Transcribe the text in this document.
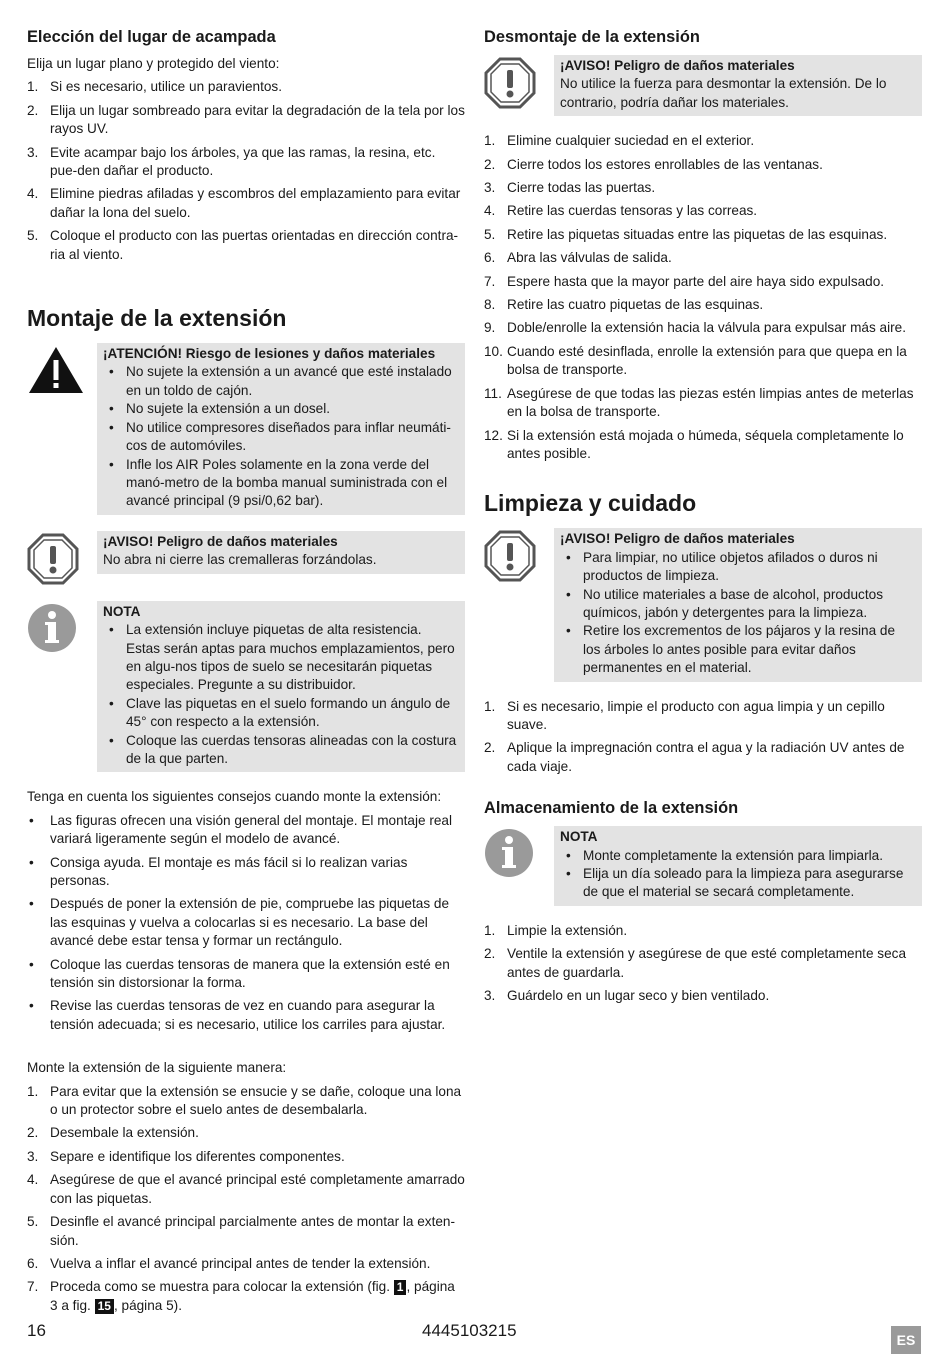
Elección del lugar de acampada

Elija un lugar plano y protegido del viento:

1. Si es necesario, utilice un paravientos.
2. Elija un lugar sombreado para evitar la degradación de la tela por los rayos UV.
3. Evite acampar bajo los árboles, ya que las ramas, la resina, etc. pue-den dañar el producto.
4. Elimine piedras afiladas y escombros del emplazamiento para evitar dañar la lona del suelo.
5. Coloque el producto con las puertas orientadas en dirección contra-ria al viento.
Montaje de la extensión
¡ATENCIÓN! Riesgo de lesiones y daños materiales
• No sujete la extensión a un avancé que esté instalado en un toldo de cajón.
• No sujete la extensión a un dosel.
• No utilice compresores diseñados para inflar neumáti-cos de automóviles.
• Infle los AIR Poles solamente en la zona verde del manó-metro de la bomba manual suministrada con el avancé principal (9 psi/0,62 bar).
¡AVISO! Peligro de daños materiales
No abra ni cierre las cremalleras forzándolas.
NOTA
• La extensión incluye piquetas de alta resistencia. Estas serán aptas para muchos emplazamientos, pero en algu-nos tipos de suelo se necesitarán piquetas especiales. Pregunte a su distribuidor.
• Clave las piquetas en el suelo formando un ángulo de 45° con respecto a la extensión.
• Coloque las cuerdas tensoras alineadas con la costura de la que parten.

Tenga en cuenta los siguientes consejos cuando monte la extensión:

• Las figuras ofrecen una visión general del montaje. El montaje real variará ligeramente según el modelo de avancé.
• Consiga ayuda. El montaje es más fácil si lo realizan varias personas.
• Después de poner la extensión de pie, compruebe las piquetas de las esquinas y vuelva a colocarlas si es necesario. La base del avancé debe estar tensa y formar un rectángulo.
• Coloque las cuerdas tensoras de manera que la extensión esté en tensión sin distorsionar la forma.
• Revise las cuerdas tensoras de vez en cuando para asegurar la tensión adecuada; si es necesario, utilice los carriles para ajustar.

Monte la extensión de la siguiente manera:

1. Para evitar que la extensión se ensucie y se dañe, coloque una lona o un protector sobre el suelo antes de desembalarla.
2. Desembale la extensión.
3. Separe e identifique los diferentes componentes.
4. Asegúrese de que el avancé principal esté completamente amarrado con las piquetas.
5. Desinfle el avancé principal parcialmente antes de montar la exten-sión.
6. Vuelva a inflar el avancé principal antes de tender la extensión.
7. Proceda como se muestra para colocar la extensión (fig. 1 , página 3 a fig. 15 , página 5).
Desmontaje de la extensión
¡AVISO! Peligro de daños materiales
No utilice la fuerza para desmontar la extensión. De lo contrario, podría dañar los materiales.
1. Elimine cualquier suciedad en el exterior.
2. Cierre todos los estores enrollables de las ventanas.
3. Cierre todas las puertas.
4. Retire las cuerdas tensoras y las correas.
5. Retire las piquetas situadas entre las piquetas de las esquinas.
6. Abra las válvulas de salida.
7. Espere hasta que la mayor parte del aire haya sido expulsado.
8. Retire las cuatro piquetas de las esquinas.
9. Doble/enrolle la extensión hacia la válvula para expulsar más aire.
10. Cuando esté desinflada, enrolle la extensión para que quepa en la bolsa de transporte.
11. Asegúrese de que todas las piezas estén limpias antes de meterlas en la bolsa de transporte.
12. Si la extensión está mojada o húmeda, séquela completamente lo antes posible.
Limpieza y cuidado
¡AVISO! Peligro de daños materiales
• Para limpiar, no utilice objetos afilados o duros ni productos de limpieza.
• No utilice materiales a base de alcohol, productos químicos, jabón y detergentes para la limpieza.
• Retire los excrementos de los pájaros y la resina de los árboles lo antes posible para evitar daños permanentes en el material.
1. Si es necesario, limpie el producto con agua limpia y un cepillo suave.
2. Aplique la impregnación contra el agua y la radiación UV antes de cada viaje.
Almacenamiento de la extensión
NOTA
• Monte completamente la extensión para limpiarla.
• Elija un día soleado para la limpieza para asegurarse de que el material se secará completamente.
1. Limpie la extensión.
2. Ventile la extensión y asegúrese de que esté completamente seca antes de guardarla.
3. Guárdelo en un lugar seco y bien ventilado.
16	4445103215	ES
